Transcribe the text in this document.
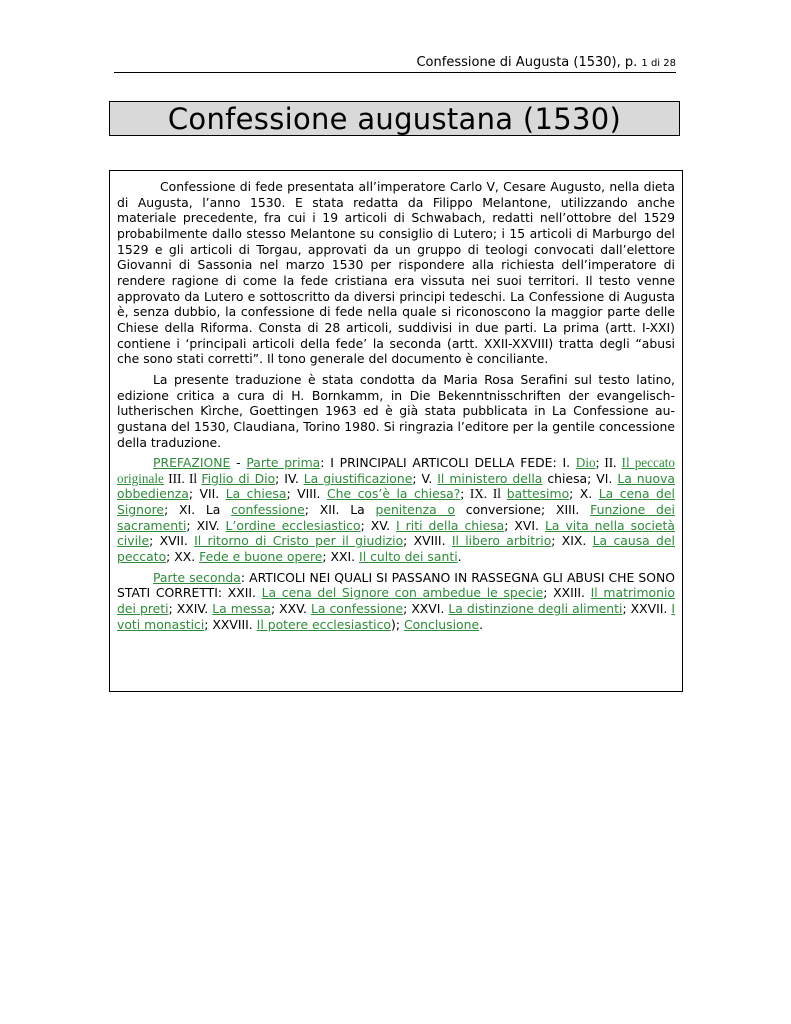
Confessione di Augusta (1530), p. 1 di 28
Confessione augustana (1530)

Confessione di fede presentata all’imperatore Carlo V, Cesare Augusto, nella dieta di Augusta, l’anno 1530. E stata redatta da Filippo Melantone, utilizzando anche materiale precedente, fra cui i 19 articoli di Schwabach, redatti nell’ottobre del 1529 probabilmente dallo stesso Melantone su consiglio di Lutero; i 15 articoli di Marburgo del 1529 e gli articoli di Torgau, approvati da un gruppo di teologi convocati dall’elettore Giovanni di Sassonia nel marzo 1530 per rispondere alla richiesta dell’imperatore di rendere ragione di come la fede cristiana era vissuta nei suoi territori. Il testo venne approvato da Lutero e sottoscritto da diversi principi tedeschi. La Confessione di Augusta è, senza dubbio, la confessione di fede nella quale si riconoscono la maggior parte delle Chiese della Riforma. Consta di 28 articoli, suddivisi in due parti. La prima (artt. I-XXI) contiene i ‘principaIi articoli della fede’ la seconda (artt. XXII-XXVIII) tratta degli “abusi che sono stati corretti”. Il tono generale del documento è conciliante.

La presente traduzione è stata condotta da Maria Rosa Serafini sul testo latino, edizione critica a cura di H. Bornkamm, in Die Bekenntnisschriften der evangelisch-lutherischen Kìrche, Goettingen 1963 ed è già stata pubblicata in La Confessione augustana del 1530, Claudiana, Torino 1980. Si ringrazia l’editore per la gentile concessione della traduzione.

PREFAZIONE - Parte prima: I PRINCIPALI ARTICOLI DELLA FEDE: I. Dio; II. Il peccato originale III. Il Figlio di Dio; IV. La giustificazione; V. Il ministero della chiesa; VI. La nuova obbedienza; VII. La chiesa; VIII. Che cos’è la chiesa?; IX. Il battesimo; X. La cena del Signore; XI. La confessione; XII. La penitenza o conversione; XIII. Funzione dei sacramenti; XIV. L’ordine ecclesiastico; XV. I riti della chiesa; XVI. La vita nella società civile; XVII. Il ritorno di Cristo per il giudizio; XVIII. Il libero arbitrio; XIX. La causa del peccato; XX. Fede e buone opere; XXI. Il culto dei santi.

Parte seconda: ARTICOLI NEI QUALI SI PASSANO IN RASSEGNA GLI ABUSI CHE SONO STATI CORRETTI: XXII. La cena del Signore con ambedue le specie; XXIII. Il matrimonio dei preti; XXIV. La messa; XXV. La confessione; XXVI. La distinzione degli alimenti; XXVII. I voti monastici; XXVIII. Il potere ecclesiastico); Conclusione.
